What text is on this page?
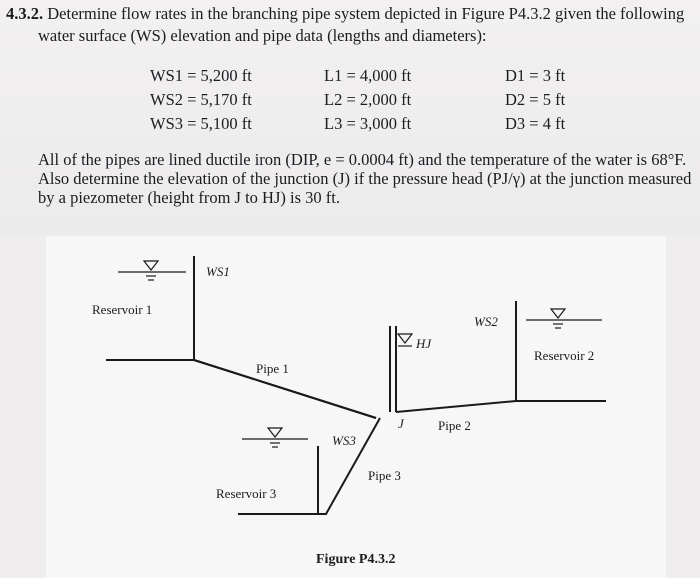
4.3.2. Determine flow rates in the branching pipe system depicted in Figure P4.3.2 given the following
water surface (WS) elevation and pipe data (lengths and diameters):
WS1 = 5,200 ft
WS2 = 5,170 ft
WS3 = 5,100 ft
L1 = 4,000 ft
L2 = 2,000 ft
L3 = 3,000 ft
D1 = 3 ft
D2 = 5 ft
D3 = 4 ft
All of the pipes are lined ductile iron (DIP, e = 0.0004 ft) and the temperature of the water is 68°F.
Also determine the elevation of the junction (J) if the pressure head (PJ/γ) at the junction measured
by a piezometer (height from J to HJ) is 30 ft.
WS1
Reservoir 1
WS2
Reservoir 2
HJ
Pipe 1
J	Pipe 2
WS3
Reservoir 3
Pipe 3
Figure P4.3.2
